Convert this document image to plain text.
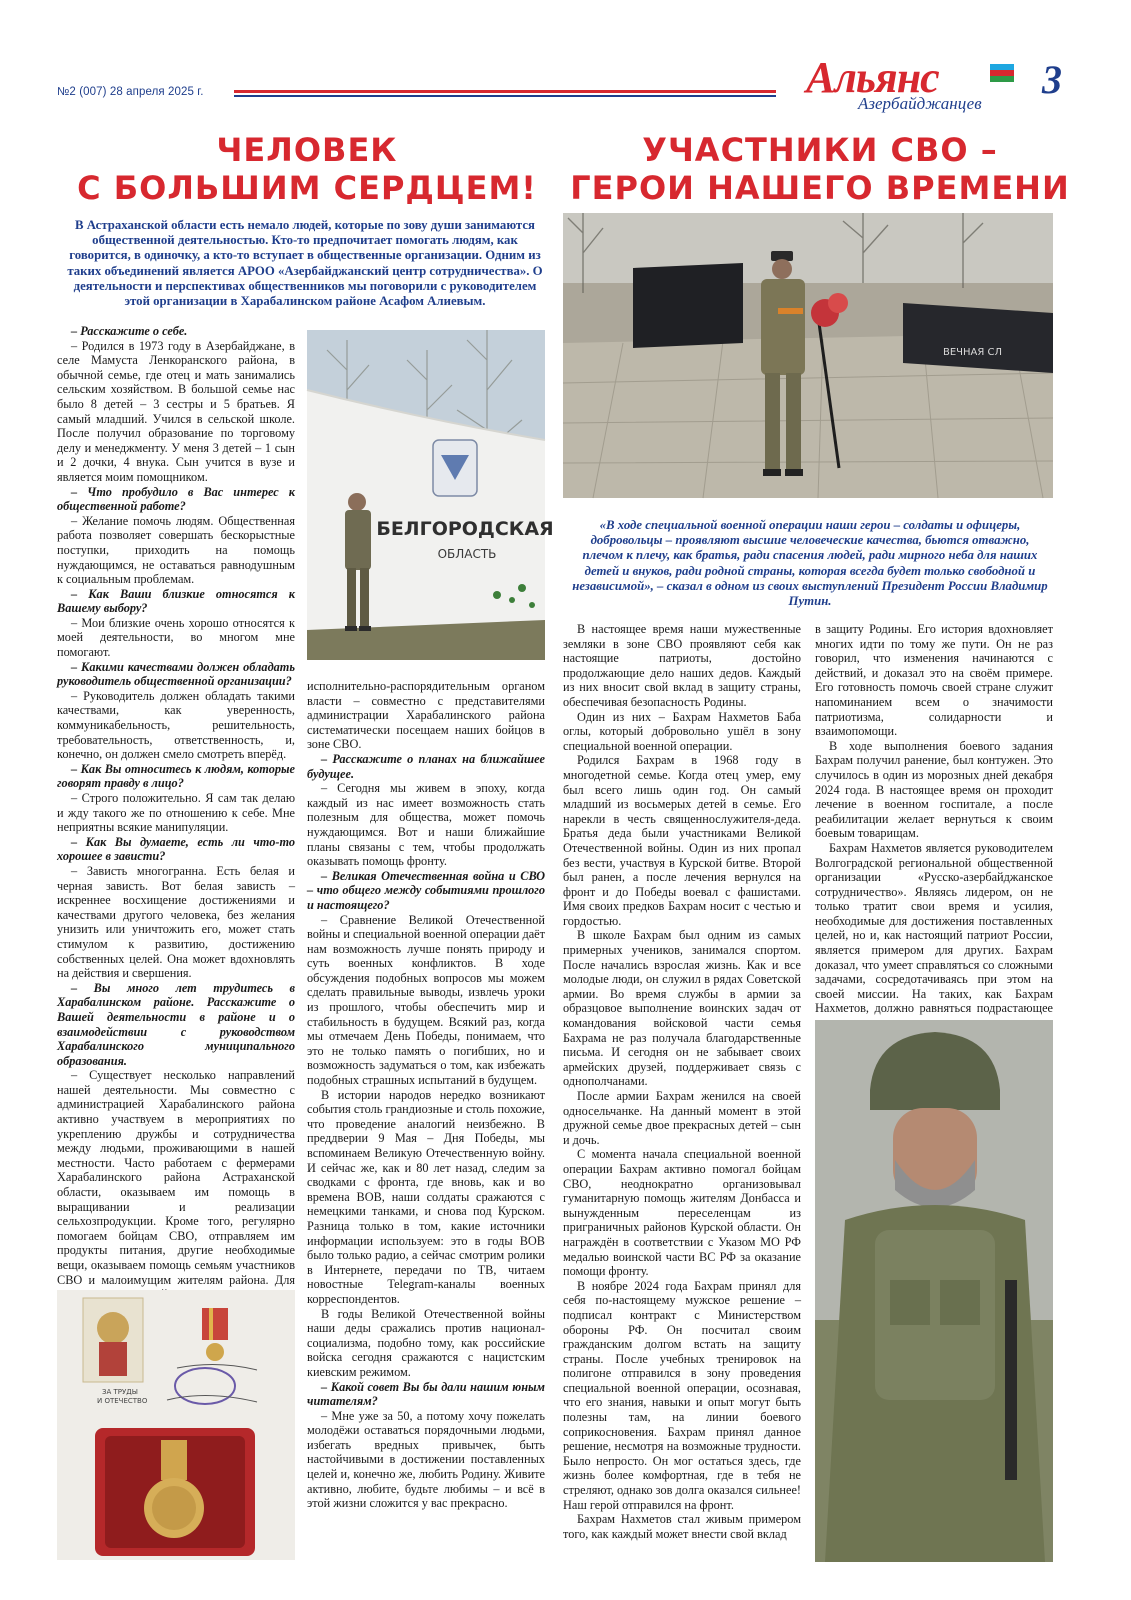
№2 (007) 28 апреля 2025 г.	Альянс
Азербайджанцев
3
ЧЕЛОВЕК
С БОЛЬШИМ СЕРДЦЕМ!
УЧАСТНИКИ СВО –
ГЕРОИ НАШЕГО ВРЕМЕНИ
В Астраханской области есть немало людей, которые по зову души занимаются общественной деятельностью. Кто-то предпочитает помогать людям, как говорится, в одиночку, а кто-то вступает в общественные организации. Одним из таких объединений является АРОО «Азербайджанский центр сотрудничества». О деятельности и перспективах общественников мы поговорили с руководителем этой организации в Харабалинском районе Асафом Алиевым.
«В ходе специальной военной операции наши герои – солдаты и офицеры, добровольцы – проявляют высшие человеческие качества, бьются отважно, плечом к плечу, как братья, ради спасения людей, ради мирного неба для наших детей и внуков, ради родной страны, которая всегда будет только свободной и независимой», – сказал в одном из своих выступлений Президент России Владимир Путин.

– Расскажите о себе.

– Родился в 1973 году в Азербайджане, в селе Мамуста Ленкоранского района, в обычной семье, где отец и мать занимались сельским хозяйством. В большой семье нас было 8 детей – 3 сестры и 5 братьев. Я самый младший. Учился в сельской школе. После получил образование по торговому делу и менеджменту. У меня 3 детей – 1 сын и 2 дочки, 4 внука. Сын учится в вузе и является моим помощником.

– Что пробудило в Вас интерес к общественной работе?

– Желание помочь людям. Общественная работа позволяет совершать бескорыстные поступки, приходить на помощь нуждающимся, не оставаться равнодушным к социальным проблемам.

– Как Ваши близкие относятся к Вашему выбору?

– Мои близкие очень хорошо относятся к моей деятельности, во многом мне помогают.

– Какими качествами должен обладать руководитель общественной организации?

– Руководитель должен обладать такими качествами, как уверенность, коммуникабельность, решительность, требовательность, ответственность, и, конечно, он должен смело смотреть вперёд.

– Как Вы относитесь к людям, которые говорят правду в лицо?

– Строго положительно. Я сам так делаю и жду такого же по отношению к себе. Мне неприятны всякие манипуляции.

– Как Вы думаете, есть ли что-то хорошее в зависти?

– Зависть многогранна. Есть белая и черная зависть. Вот белая зависть – искреннее восхищение достижениями и качествами другого человека, без желания унизить или уничтожить его, может стать стимулом к развитию, достижению собственных целей. Она может вдохновлять на действия и свершения.

– Вы много лет трудитесь в Харабалинском районе. Расскажите о Вашей деятельности в районе и о взаимодействии с руководством Харабалинского муниципального образования.

– Существует несколько направлений нашей деятельности. Мы совместно с администрацией Харабалинского района активно участвуем в мероприятиях по укреплению дружбы и сотрудничества между людьми, проживающими в нашей местности. Часто работаем с фермерами Харабалинского района Астраханской области, оказываем им помощь в выращивании и реализации сельхозпродукции. Кроме того, регулярно помогаем бойцам СВО, отправляем им продукты питания, другие необходимые вещи, оказываем помощь семьям участников СВО и малоимущим жителям района. Для

исполнительно-распорядительным органом власти – совместно с представителями администрации Харабалинского района систематически посещаем наших бойцов в зоне СВО.

– Расскажите о планах на ближайшее будущее.

– Сегодня мы живем в эпоху, когда каждый из нас имеет возможность стать полезным для общества, может помочь нуждающимся. Вот и наши ближайшие планы связаны с тем, чтобы продолжать оказывать помощь фронту.

– Великая Отечественная война и СВО – что общего между событиями прошлого и настоящего?

– Сравнение Великой Отечественной войны и специальной военной операции даёт нам возможность лучше понять природу и суть военных конфликтов. В ходе обсуждения подобных вопросов мы можем сделать правильные выводы, извлечь уроки из прошлого, чтобы обеспечить мир и стабильность в будущем. Всякий раз, когда мы отмечаем День Победы, понимаем, что это не только память о погибших, но и возможность задуматься о том, как избежать подобных страшных испытаний в будущем.

В истории народов нередко возникают события столь грандиозные и столь похожие, что проведение аналогий неизбежно. В преддверии 9 Мая – Дня Победы, мы вспоминаем Великую Отечественную войну. И сейчас же, как и 80 лет назад, следим за сводками с фронта, где вновь, как и во времена ВОВ, наши солдаты сражаются с немецкими танками, и снова под Курском. Разница только в том, какие источники информации используем: это в годы ВОВ было только радио, а сейчас смотрим ролики в Интернете, передачи по ТВ, читаем новостные Telegram-каналы военных корреспондентов.

В годы Великой Отечественной войны наши деды сражались против национал-социализма, подобно тому, как российские войска сегодня сражаются с нацистским киевским режимом.

– Какой совет Вы бы дали нашим юным читателям?

– Мне уже за 50, а потому хочу пожелать молодёжи оставаться порядочными людьми, избегать вредных привычек, быть настойчивыми в достижении поставленных целей и, конечно же, любить Родину. Живите активно, любите, будьте любимы – и всё в этой жизни сложится у вас прекрасно.

В настоящее время наши мужественные земляки в зоне СВО проявляют себя как настоящие патриоты, достойно продолжающие дело наших дедов. Каждый из них вносит свой вклад в защиту страны, обеспечивая безопасность Родины.

Один из них – Бахрам Нахметов Баба оглы, который добровольно ушёл в зону специальной военной операции.

Родился Бахрам в 1968 году в многодетной семье. Когда отец умер, ему был всего лишь один год. Он самый младший из восьмерых детей в семье. Его нарекли в честь священнослужителя-деда. Братья деда были участниками Великой Отечественной войны. Один из них пропал без вести, участвуя в Курской битве. Второй был ранен, а после лечения вернулся на фронт и до Победы воевал с фашистами. Имя своих предков Бахрам носит с честью и гордостью.

В школе Бахрам был одним из самых примерных учеников, занимался спортом. После начались взрослая жизнь. Как и все молодые люди, он служил в рядах Советской армии. Во время службы в армии за образцовое выполнение воинских задач от командования войсковой части семья Бахрама не раз получала благодарственные письма. И сегодня он не забывает своих армейских друзей, поддерживает связь с однополчанами.

После армии Бахрам женился на своей односельчанке. На данный момент в этой дружной семье двое прекрасных детей – сын и дочь.

С момента начала специальной военной операции Бахрам активно помогал бойцам СВО, неоднократно организовывал гуманитарную помощь жителям Донбасса и вынужденным переселенцам из приграничных районов Курской области. Он награждён в соответствии с Указом МО РФ медалью воинской части ВС РФ за оказание помощи фронту.

В ноябре 2024 года Бахрам принял для себя по-настоящему мужское решение – подписал контракт с Министерством обороны РФ. Он посчитал своим гражданским долгом встать на защиту страны. После учебных тренировок на полигоне отправился в зону проведения специальной военной операции, осознавая, что его знания, навыки и опыт могут быть полезны там, на линии боевого соприкосновения. Бахрам принял данное решение, несмотря на возможные трудности. Было непросто. Он мог остаться здесь, где жизнь более комфортная, где в тебя не стреляют, однако зов долга оказался сильнее! Наш герой отправился на фронт.

Бахрам Нахметов стал живым примером того, как каждый может внести свой вклад

в защиту Родины. Его история вдохновляет многих идти по тому же пути. Он не раз говорил, что изменения начинаются с действий, и доказал это на своём примере. Его готовность помочь своей стране служит напоминанием всем о значимости патриотизма, солидарности и взаимопомощи.

В ходе выполнения боевого задания Бахрам получил ранение, был контужен. Это случилось в один из морозных дней декабря 2024 года. В настоящее время он проходит лечение в военном госпитале, а после реабилитации желает вернуться к своим боевым товарищам.

Бахрам Нахметов является руководителем Волгоградской региональной общественной организации «Русско-азербайджанское сотрудничество». Являясь лидером, он не только тратит свои время и усилия, необходимые для достижения поставленных целей, но и, как настоящий патриот России, является примером для других. Бахрам доказал, что умеет справляться со сложными задачами, сосредотачиваясь при этом на своей миссии. На таких, как Бахрам Нахметов, должно равняться подрастающее

БЕЛГОРОДСКАЯ
ОБЛАСТЬ
ВЕЧНАЯ СЛ
ЗА ТРУДЫ
И ОТЕЧЕСТВО
